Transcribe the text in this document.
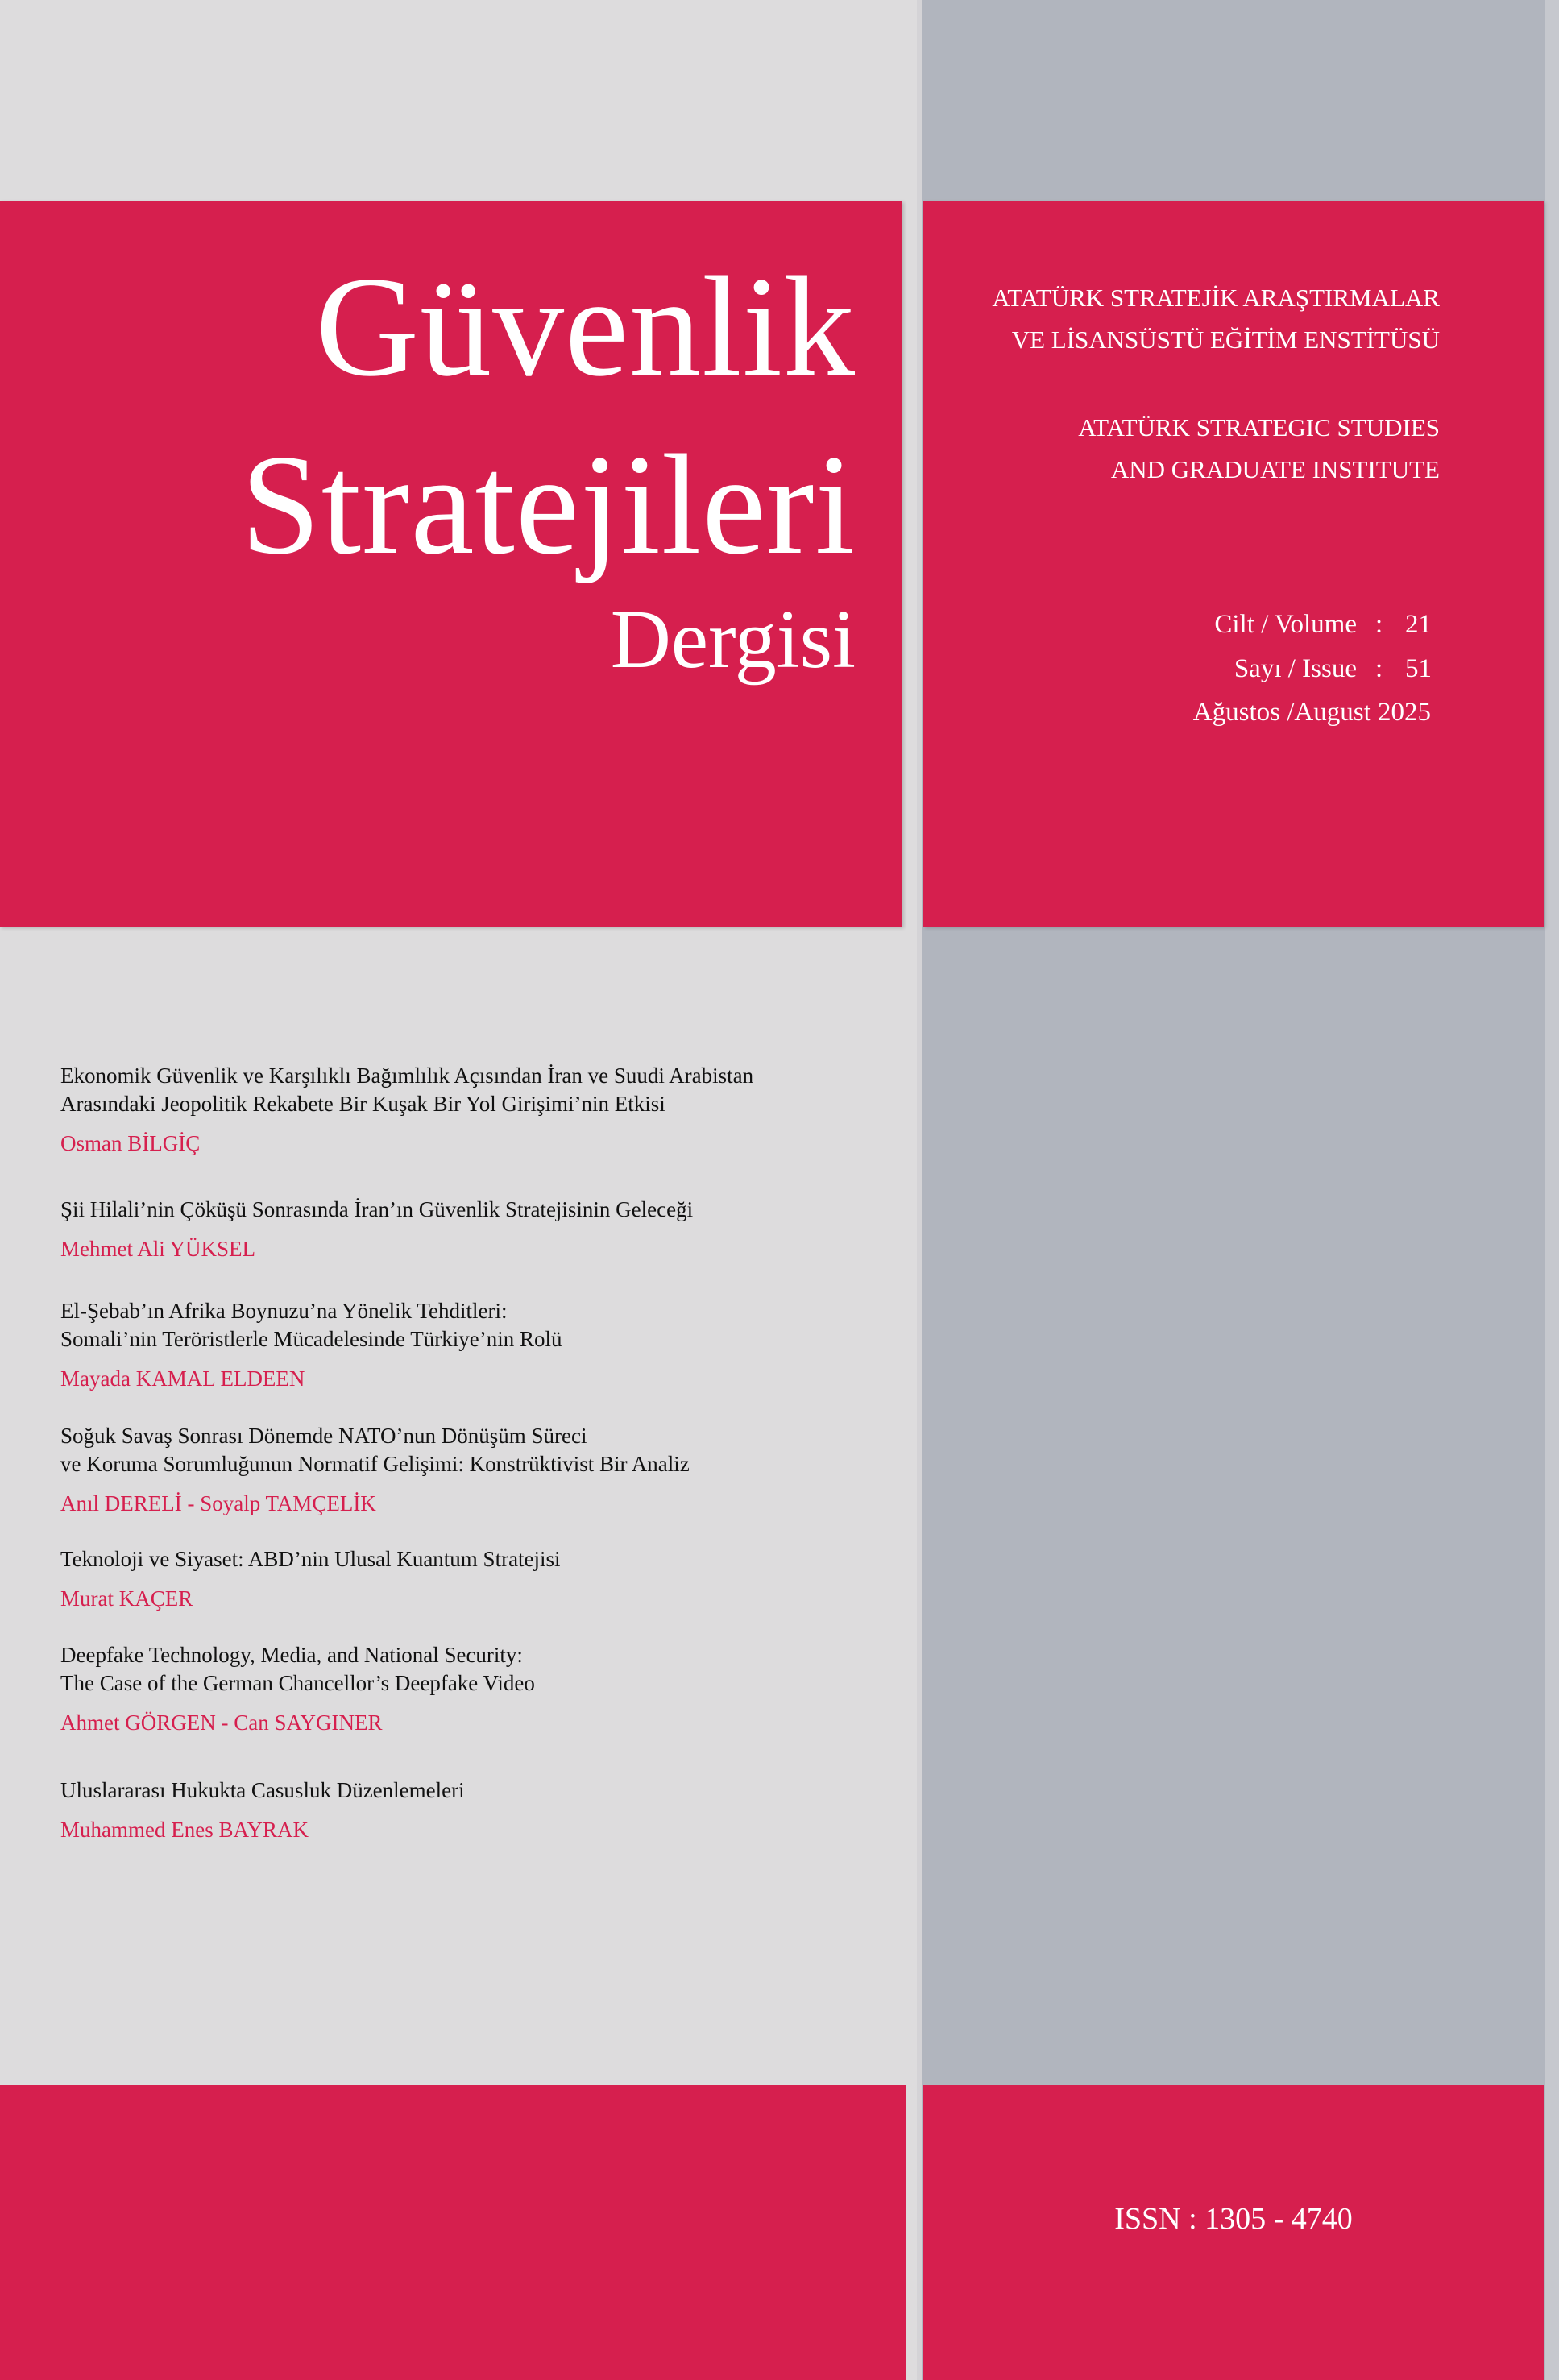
Güvenlik
Stratejileri
Dergisi
ATATÜRK STRATEJİK ARAŞTIRMALAR
VE LİSANSÜSTÜ EĞİTİM ENSTİTÜSÜ
ATATÜRK STRATEGIC STUDIES
AND GRADUATE INSTITUTE
Cilt / Volume : 21
Sayı / Issue : 51
Ağustos /August 2025
Ekonomik Güvenlik ve Karşılıklı Bağımlılık Açısından İran ve Suudi Arabistan
Arasındaki Jeopolitik Rekabete Bir Kuşak Bir Yol Girişimi’nin Etkisi
Osman BİLGİÇ
Şii Hilali’nin Çöküşü Sonrasında İran’ın Güvenlik Stratejisinin Geleceği
Mehmet Ali YÜKSEL
El-Şebab’ın Afrika Boynuzu’na Yönelik Tehditleri:
Somali’nin Teröristlerle Mücadelesinde Türkiye’nin Rolü
Mayada KAMAL ELDEEN
Soğuk Savaş Sonrası Dönemde NATO’nun Dönüşüm Süreci
ve Koruma Sorumluğunun Normatif Gelişimi: Konstrüktivist Bir Analiz
Anıl DERELİ - Soyalp TAMÇELİK
Teknoloji ve Siyaset: ABD’nin Ulusal Kuantum Stratejisi
Murat KAÇER
Deepfake Technology, Media, and National Security:
The Case of the German Chancellor’s Deepfake Video
Ahmet GÖRGEN - Can SAYGINER
Uluslararası Hukukta Casusluk Düzenlemeleri
Muhammed Enes BAYRAK
ISSN : 1305 - 4740
